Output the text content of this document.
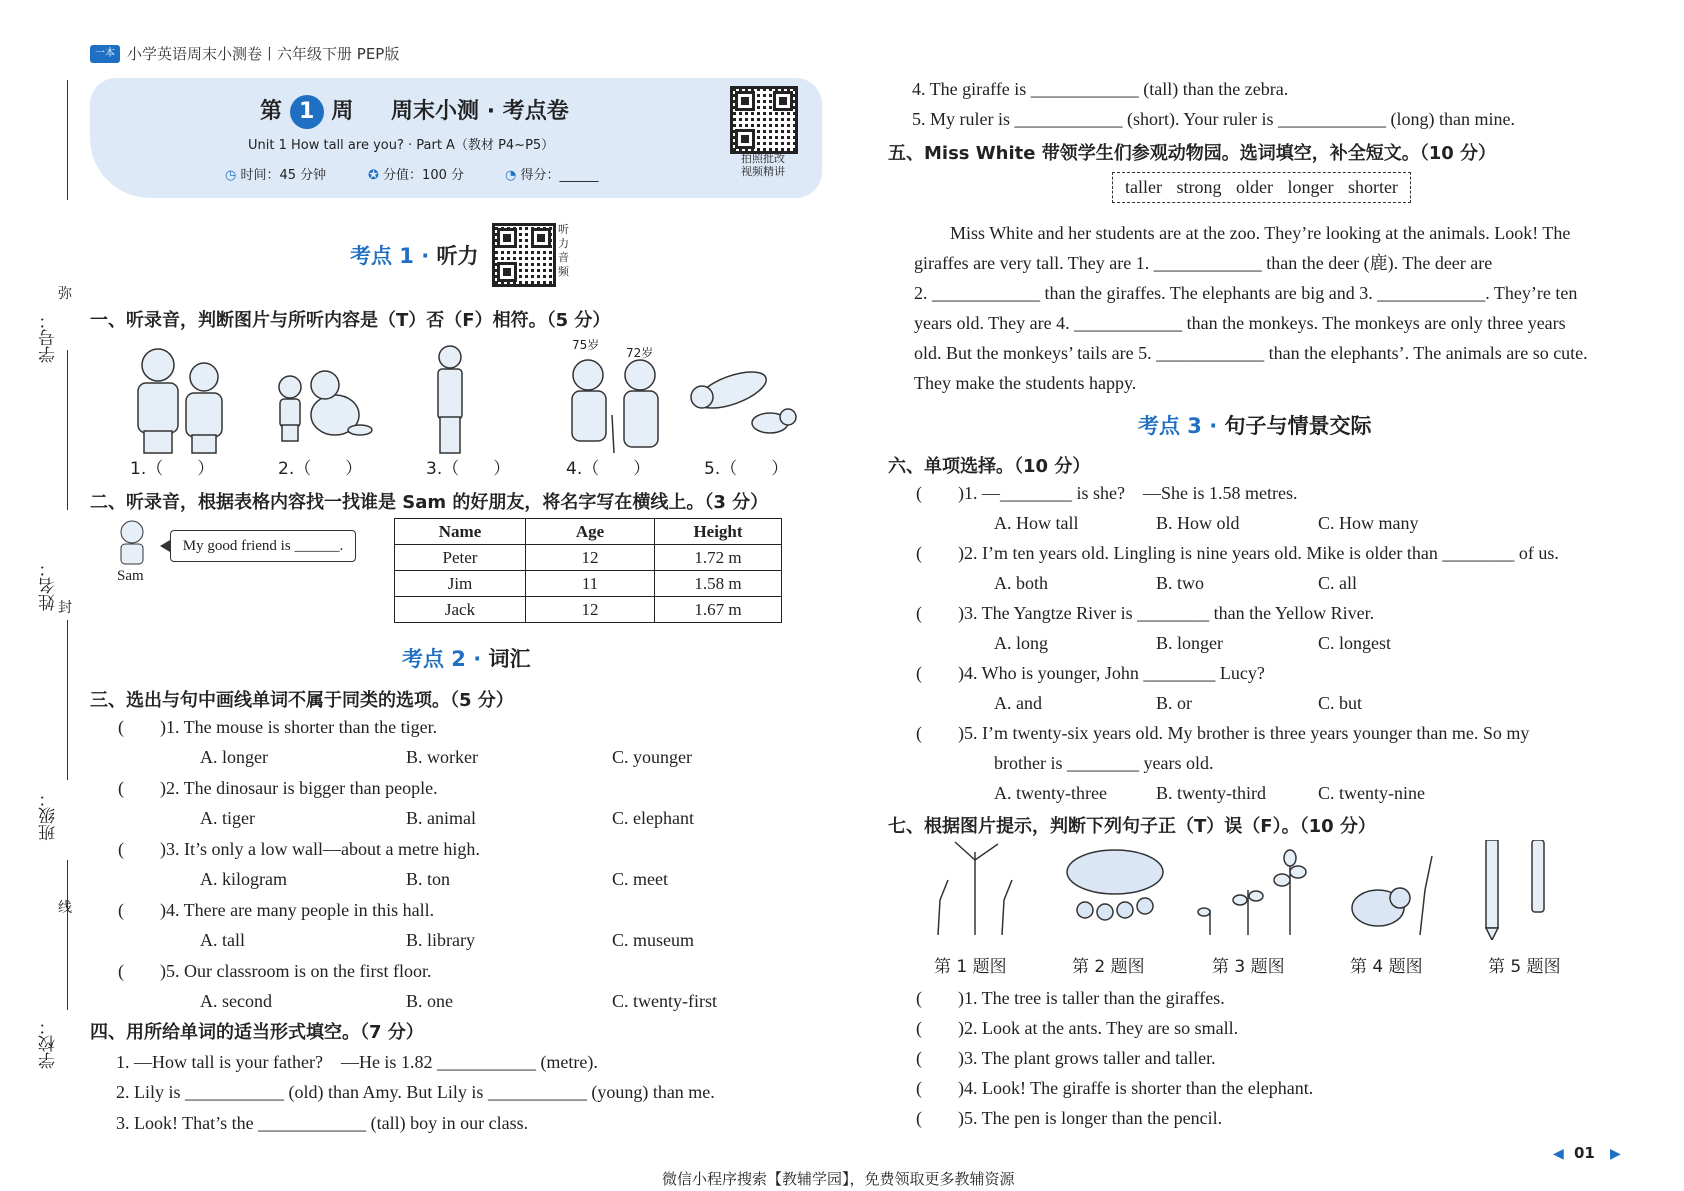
一本 小学英语周末小测卷丨六年级下册 PEP版
学号：
姓名：
班级：
学校：
弥
封
线
第 1 周 周末小测 · 考点卷
Unit 1 How tall are you? · Part A（教材 P4~P5）
◷ 时间：45 分钟	✪ 分值：100 分	◔ 得分：______
拍照批改
视频精讲
考点 1 · 听力
听力音频
一、听录音，判断图片与所听内容是（T）否（F）相符。（5 分）
75岁
72岁
1.（　　）	2.（　　）	3.（　　）	4.（　　）	5.（　　）
二、听录音，根据表格内容找一找谁是 Sam 的好朋友，将名字写在横线上。（3 分）
Sam
My good friend is ______.
Name	Age	Height
Peter	12	1.72 m
Jim	11	1.58 m
Jack	12	1.67 m
考点 2 · 词汇
三、选出与句中画线单词不属于同类的选项。（5 分）
(　　)1. The mouse is shorter than the tiger.
A. longer	B. worker	C. younger
(　　)2. The dinosaur is bigger than people.
A. tiger	B. animal	C. elephant
(　　)3. It’s only a low wall—about a metre high.
A. kilogram	B. ton	C. meet
(　　)4. There are many people in this hall.
A. tall	B. library	C. museum
(　　)5. Our classroom is on the first floor.
A. second	B. one	C. twenty-first
四、用所给单词的适当形式填空。（7 分）
1. —How tall is your father?　—He is 1.82 ___________ (metre).
2. Lily is ___________ (old) than Amy. But Lily is ___________ (young) than me.
3. Look! That’s the ____________ (tall) boy in our class.
4. The giraffe is ____________ (tall) than the zebra.
5. My ruler is ____________ (short). Your ruler is ____________ (long) than mine.
五、Miss White 带领学生们参观动物园。选词填空，补全短文。（10 分）
taller strong older longer shorter
Miss White and her students are at the zoo. They’re looking at the animals. Look! The
giraffes are very tall. They are 1. ____________ than the deer (鹿). The deer are
2. ____________ than the giraffes. The elephants are big and 3. ____________. They’re ten
years old. They are 4. ____________ than the monkeys. The monkeys are only three years
old. But the monkeys’ tails are 5. ____________ than the elephants’. The animals are so cute.
They make the students happy.
考点 3 · 句子与情景交际
六、单项选择。（10 分）
(　　)1. —________ is she?　—She is 1.58 metres.
A. How tall	B. How old	C. How many
(　　)2. I’m ten years old. Lingling is nine years old. Mike is older than ________ of us.
A. both	B. two	C. all
(　　)3. The Yangtze River is ________ than the Yellow River.
A. long	B. longer	C. longest
(　　)4. Who is younger, John ________ Lucy?
A. and	B. or	C. but
(　　)5. I’m twenty-six years old. My brother is three years younger than me. So my
brother is ________ years old.
A. twenty-three	B. twenty-third	C. twenty-nine
七、根据图片提示，判断下列句子正（T）误（F）。（10 分）
第 1 题图	第 2 题图	第 3 题图	第 4 题图	第 5 题图
(　　)1. The tree is taller than the giraffes.
(　　)2. Look at the ants. They are so small.
(　　)3. The plant grows taller and taller.
(　　)4. Look! The giraffe is shorter than the elephant.
(　　)5. The pen is longer than the pencil.
◀ 01 ▶
微信小程序搜索【教辅学园】，免费领取更多教辅资源
